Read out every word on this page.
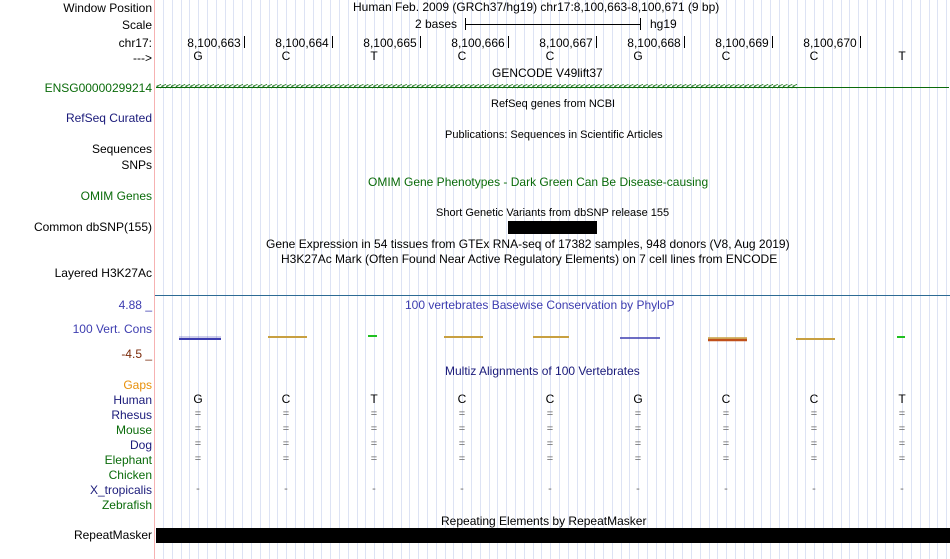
Window Position	Human Feb. 2009 (GRCh37/hg19) chr17:8,100,663-8,100,671 (9 bp)
Scale	2 bases	hg19
chr17:	8,100,663	8,100,664	8,100,665	8,100,666	8,100,667	8,100,668	8,100,669	8,100,670
--->	G	C	T	C	C	G	C	C	T
GENCODE V49lift37
ENSG00000299214 <<<<<<<<<<<<<<<<<<<<<<<<<<<<<<<<<<<<<<<<<<<<<<<<<<<<<<<<<<<<<<<<<<<<<<<<<<<<<<<<<<<<<<<<<<<<<<<<<<<<<<<<<<<<<<<<<<<<<<<<<<<<<<<<<<<<<
RefSeq genes from NCBI
RefSeq Curated
Publications: Sequences in Scientific Articles
Sequences
SNPs
OMIM Gene Phenotypes - Dark Green Can Be Disease-causing
OMIM Genes
Short Genetic Variants from dbSNP release 155
Common dbSNP(155)
Gene Expression in 54 tissues from GTEx RNA-seq of 17382 samples, 948 donors (V8, Aug 2019)
H3K27Ac Mark (Often Found Near Active Regulatory Elements) on 7 cell lines from ENCODE
Layered H3K27Ac
100 vertebrates Basewise Conservation by PhyloP
4.88 _
100 Vert. Cons
-4.5 _
Multiz Alignments of 100 Vertebrates
Gaps
Human	G	C	T	C	C	G	C	C	T
Rhesus	=	=	=	=	=	=	=	=	=
Mouse	=	=	=	=	=	=	=	=	=
Dog	=	=	=	=	=	=	=	=	=
Elephant	=	=	=	=	=	=	=	=	=
Chicken
X_tropicalis	-	-	-	-	-	-	-	-	-
Zebrafish
Repeating Elements by RepeatMasker
RepeatMasker
